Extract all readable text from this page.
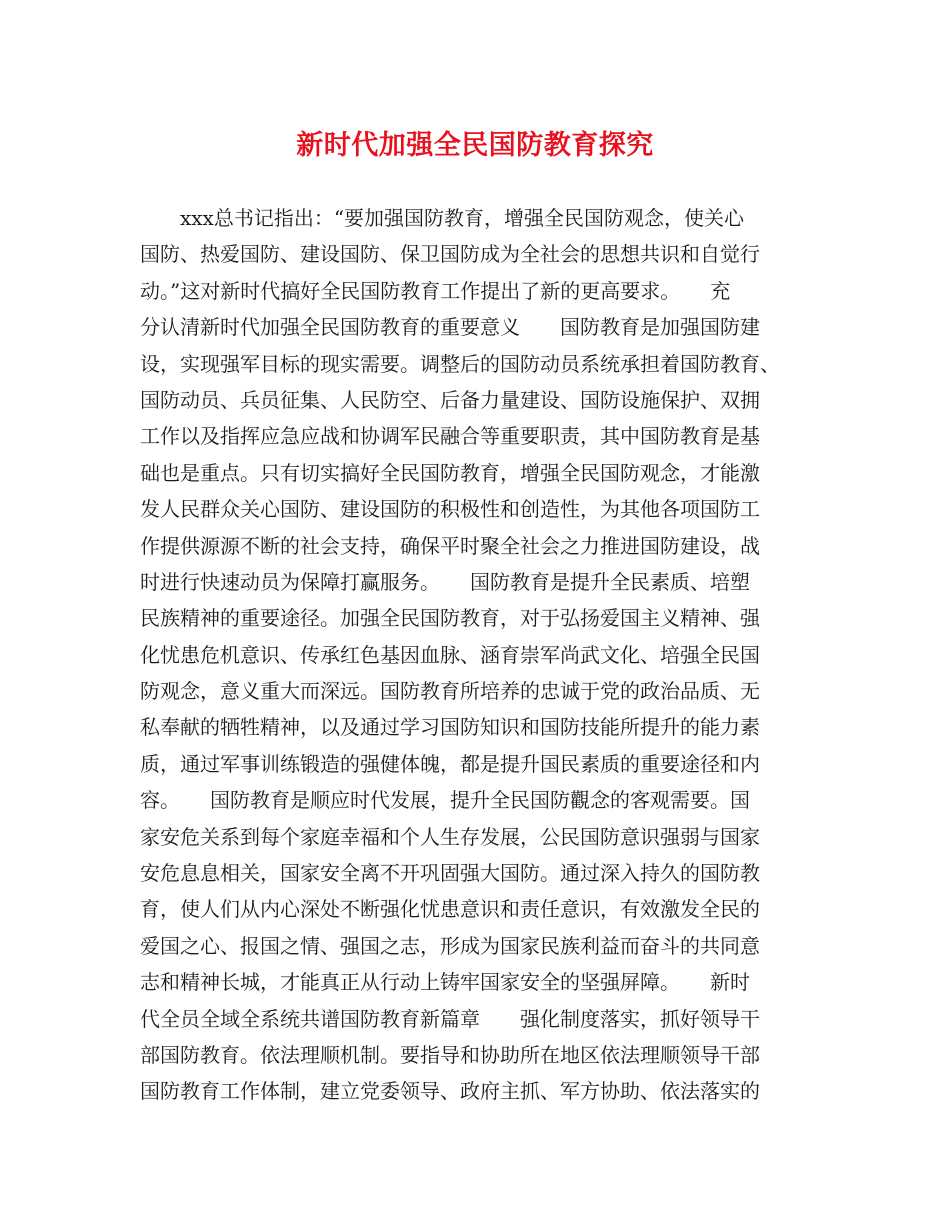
新时代加强全民国防教育探究
　　xxx总书记指出：“要加强国防教育，增强全民国防观念，使关心
国防、热爱国防、建设国防、保卫国防成为全社会的思想共识和自觉行
动。”这对新时代搞好全民国防教育工作提出了新的更高要求。　　充
分认清新时代加强全民国防教育的重要意义　　国防教育是加强国防建
设，实现强军目标的现实需要。调整后的国防动员系统承担着国防教育、
国防动员、兵员征集、人民防空、后备力量建设、国防设施保护、双拥
工作以及指挥应急应战和协调军民融合等重要职责，其中国防教育是基
础也是重点。只有切实搞好全民国防教育，增强全民国防观念，才能激
发人民群众关心国防、建设国防的积极性和创造性，为其他各项国防工
作提供源源不断的社会支持，确保平时聚全社会之力推进国防建设，战
时进行快速动员为保障打赢服务。　　国防教育是提升全民素质、培塑
民族精神的重要途径。加强全民国防教育，对于弘扬爱国主义精神、强
化忧患危机意识、传承红色基因血脉、涵育崇军尚武文化、培强全民国
防观念，意义重大而深远。国防教育所培养的忠诚于党的政治品质、无
私奉献的牺牲精神，以及通过学习国防知识和国防技能所提升的能力素
质，通过军事训练锻造的强健体魄，都是提升国民素质的重要途径和内
容。　　国防教育是顺应时代发展，提升全民国防觀念的客观需要。国
家安危关系到每个家庭幸福和个人生存发展，公民国防意识强弱与国家
安危息息相关，国家安全离不开巩固强大国防。通过深入持久的国防教
育，使人们从内心深处不断强化忧患意识和责任意识，有效激发全民的
爱国之心、报国之情、强国之志，形成为国家民族利益而奋斗的共同意
志和精神长城，才能真正从行动上铸牢国家安全的坚强屏障。　　新时
代全员全域全系统共谱国防教育新篇章　　强化制度落实，抓好领导干
部国防教育。依法理顺机制。要指导和协助所在地区依法理顺领导干部
国防教育工作体制，建立党委领导、政府主抓、军方协助、依法落实的
